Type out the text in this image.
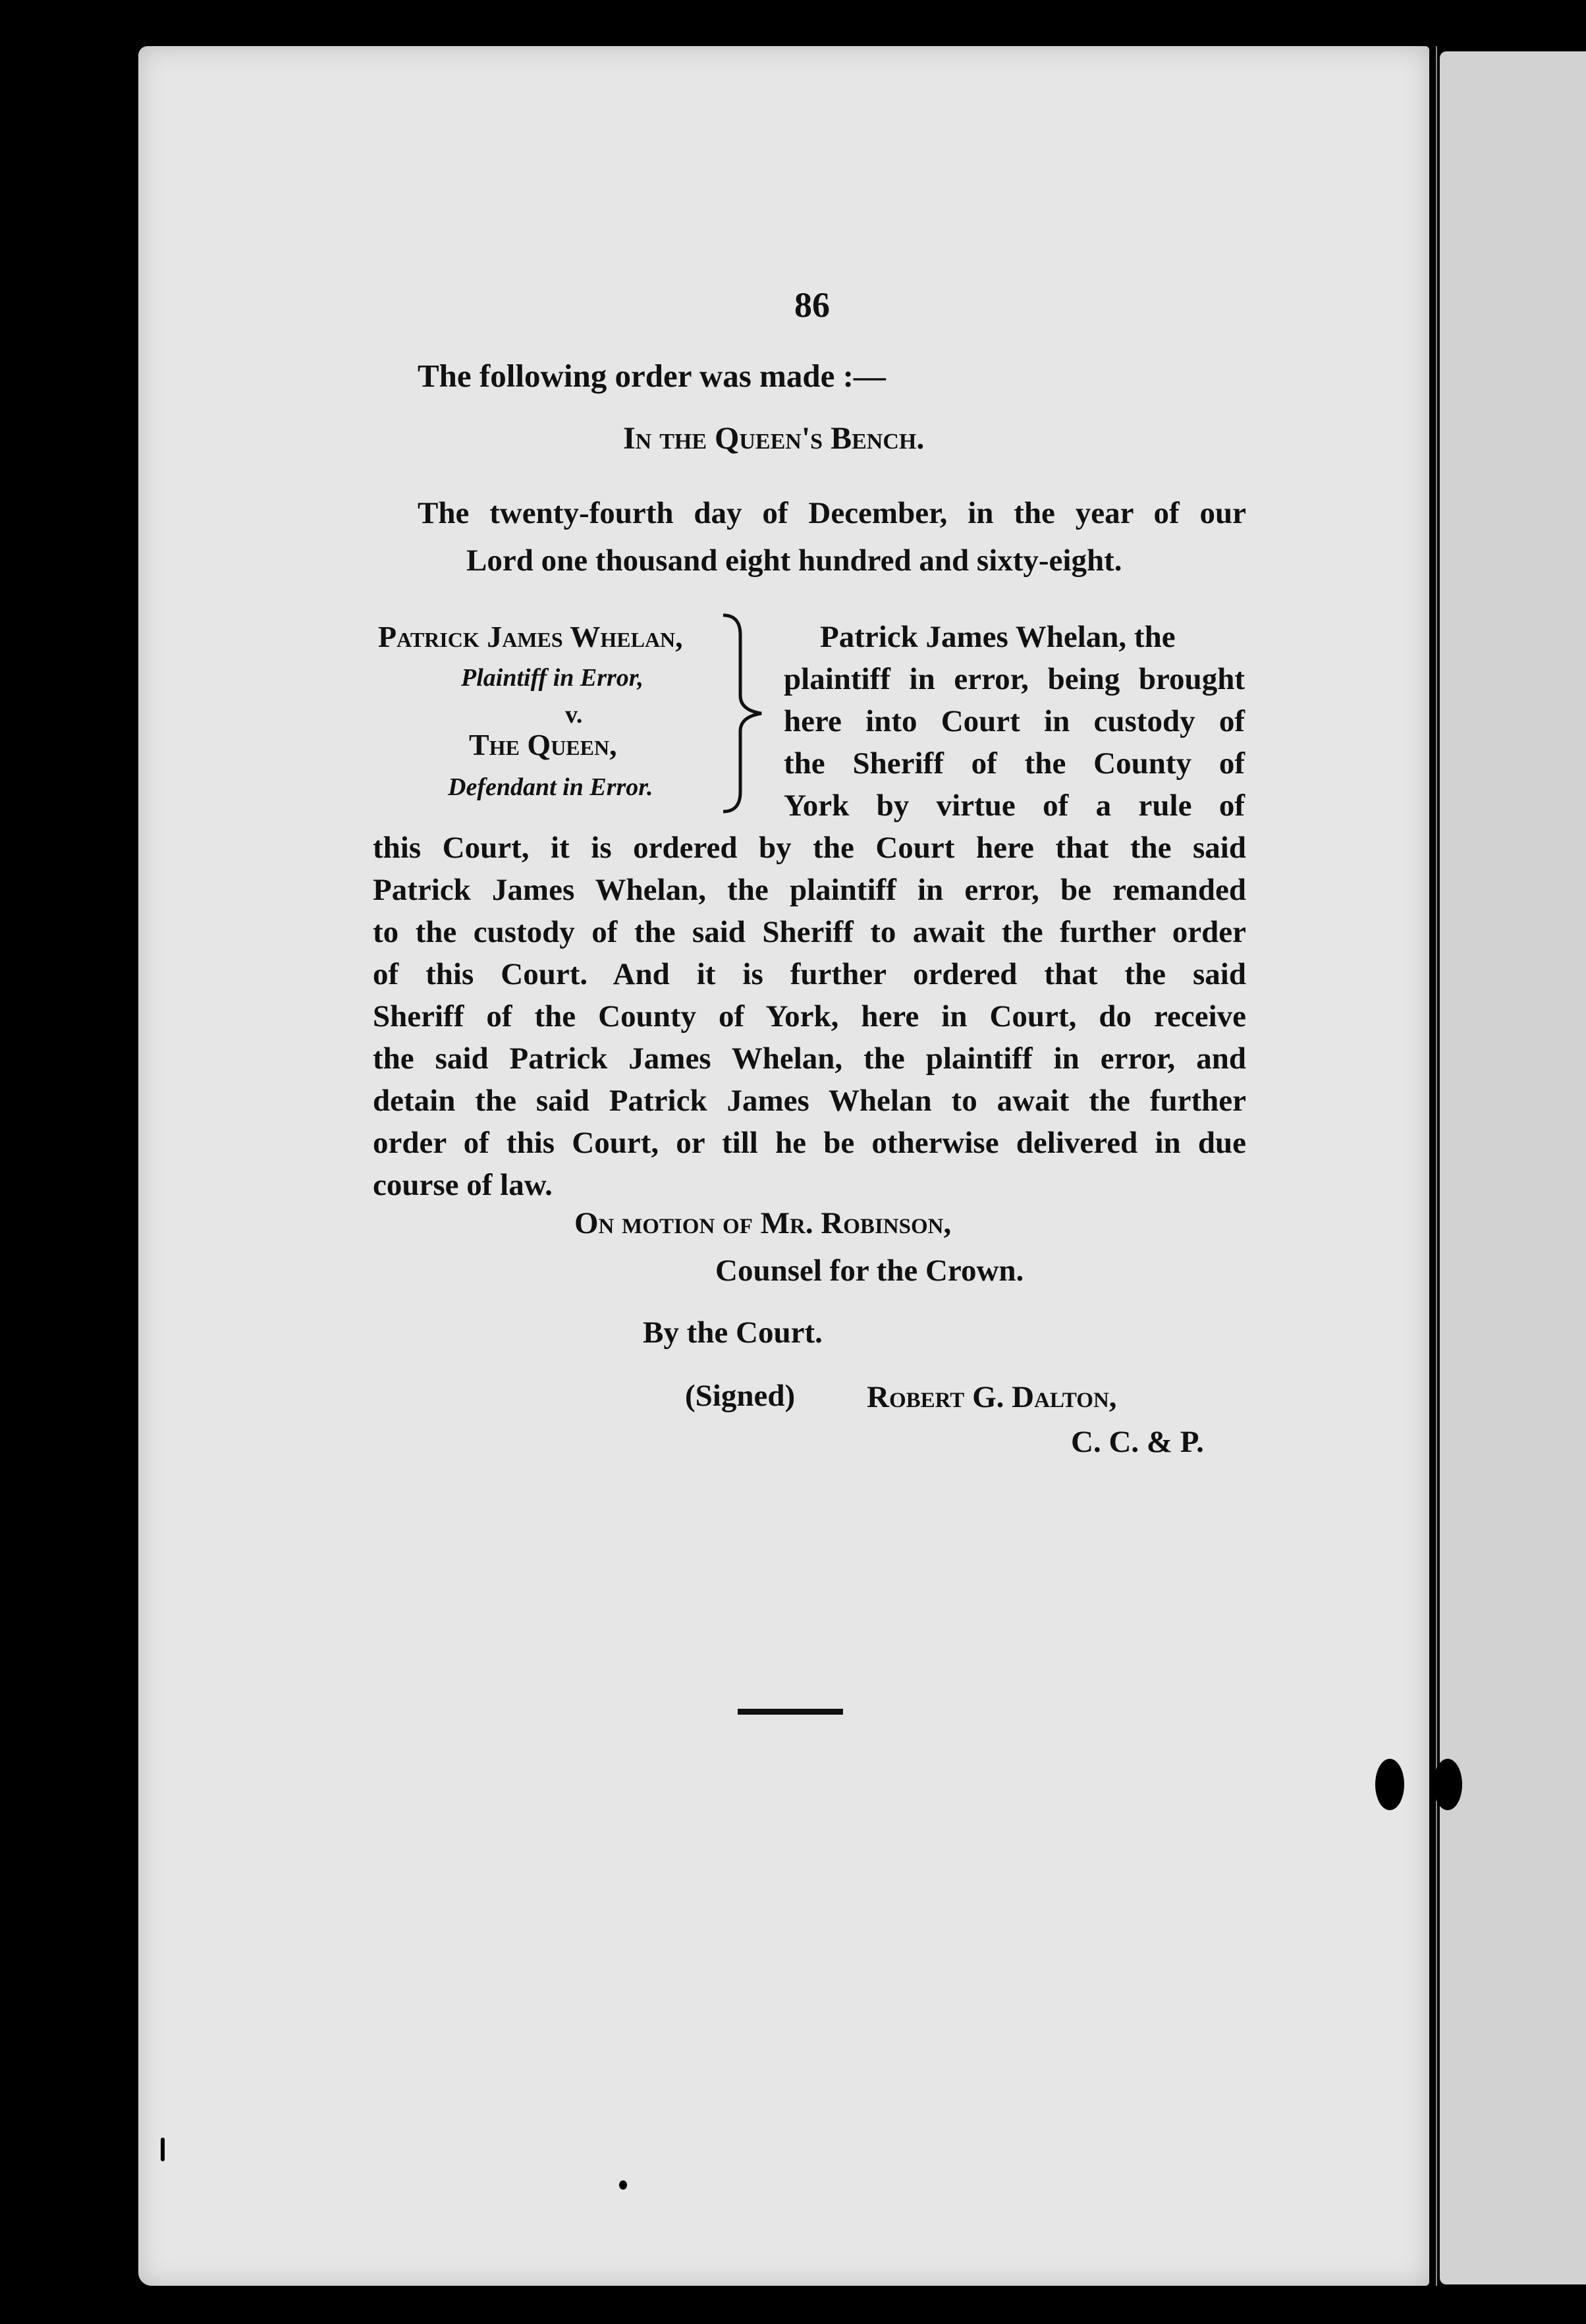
86
The following order was made :—
In the Queen's Bench.
The twenty-fourth day of December, in the year of our
Lord one thousand eight hundred and sixty-eight.
Patrick James Whelan,
Plaintiff in Error,
v.
The Queen,
Defendant in Error.
Patrick James Whelan, the
plaintiff in error, being brought
here into Court in custody of
the Sheriff of the County of
York by virtue of a rule of
this Court, it is ordered by the Court here that the said
Patrick James Whelan, the plaintiff in error, be remanded
to the custody of the said Sheriff to await the further order
of this Court. And it is further ordered that the said
Sheriff of the County of York, here in Court, do receive
the said Patrick James Whelan, the plaintiff in error, and
detain the said Patrick James Whelan to await the further
order of this Court, or till he be otherwise delivered in due
course of law.
On motion of Mr. Robinson,
Counsel for the Crown.
By the Court.
(Signed) Robert G. Dalton,
C. C. & P.
